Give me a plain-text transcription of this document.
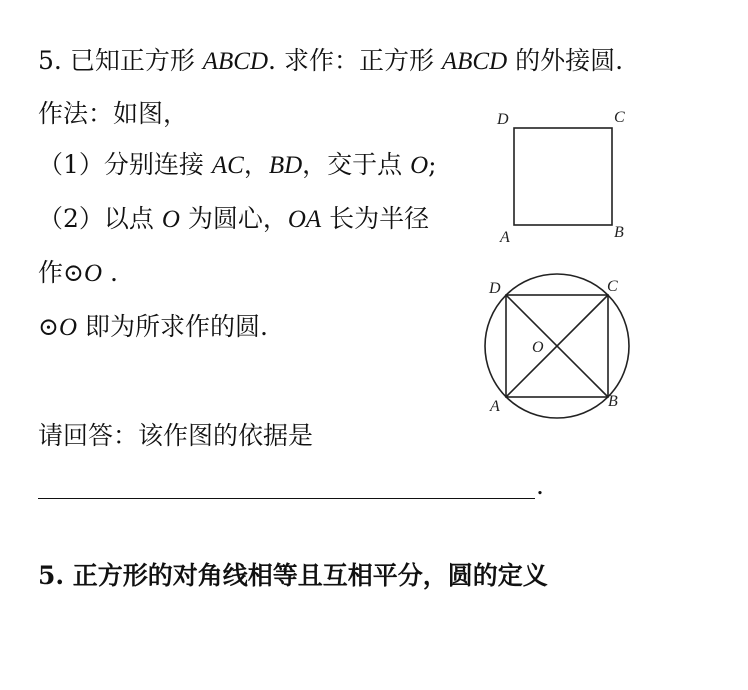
5. 已知正方形 ABCD. 求作：正方形 ABCD 的外接圆.
作法：如图，
（1）分别连接 AC，BD，交于点 O;
（2）以点 O 为圆心，OA 长为半径
作⊙O .
⊙O 即为所求作的圆.
请回答：该作图的依据是
.
5. 正方形的对角线相等且互相平分，圆的定义
D	C
A	B
D	C
A	B
O
